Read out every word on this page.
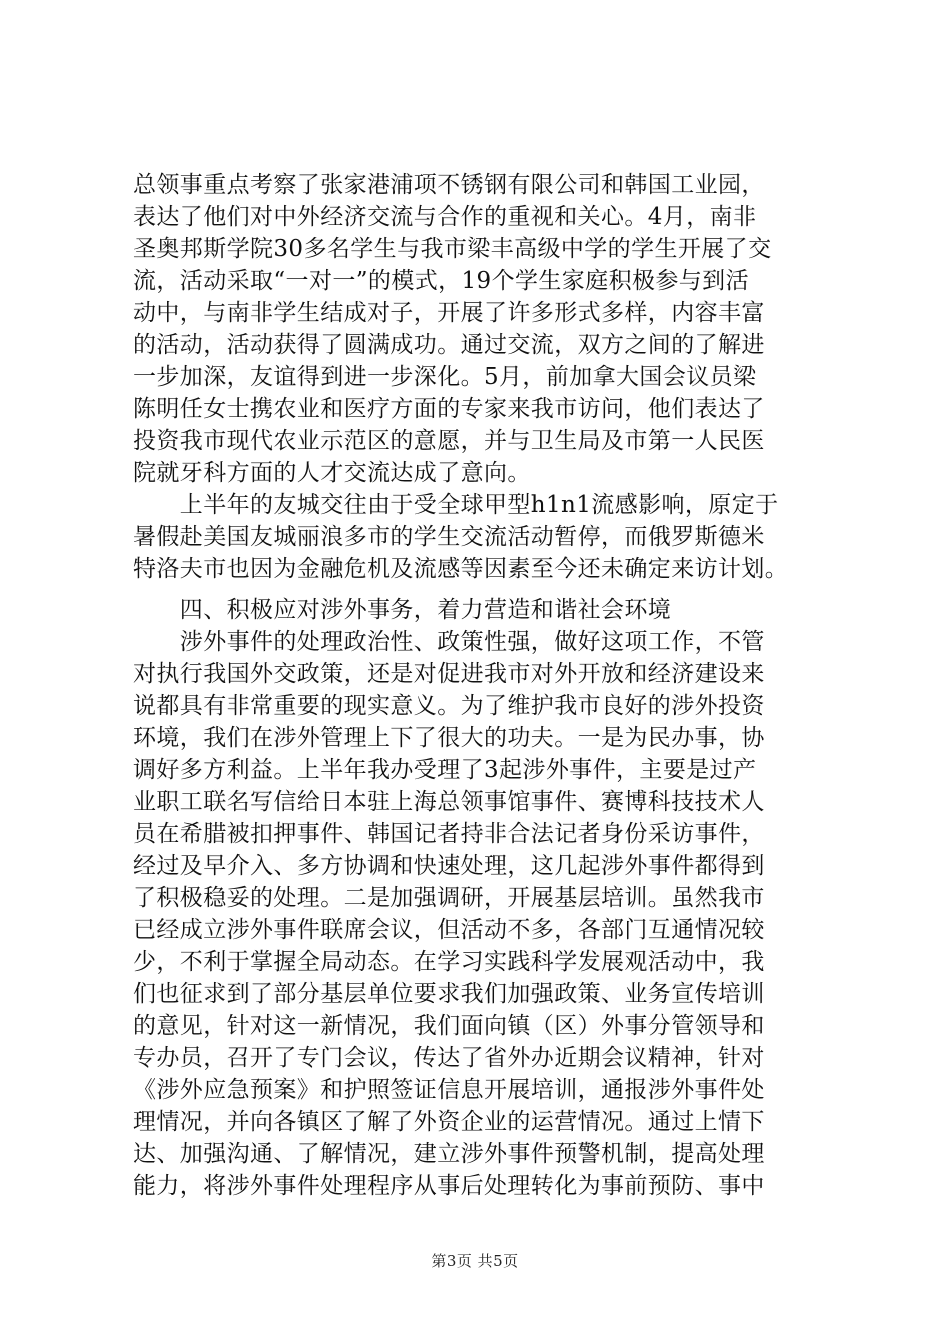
总领事重点考察了张家港浦项不锈钢有限公司和韩国工业园，
表达了他们对中外经济交流与合作的重视和关心。4月，南非
圣奥邦斯学院30多名学生与我市梁丰高级中学的学生开展了交
流，活动采取“一对一”的模式，19个学生家庭积极参与到活
动中，与南非学生结成对子，开展了许多形式多样，内容丰富
的活动，活动获得了圆满成功。通过交流，双方之间的了解进
一步加深，友谊得到进一步深化。5月，前加拿大国会议员梁
陈明任女士携农业和医疗方面的专家来我市访问，他们表达了
投资我市现代农业示范区的意愿，并与卫生局及市第一人民医
院就牙科方面的人才交流达成了意向。
　　上半年的友城交往由于受全球甲型h1n1流感影响，原定于
暑假赴美国友城丽浪多市的学生交流活动暂停，而俄罗斯德米
特洛夫市也因为金融危机及流感等因素至今还未确定来访计划。
　　四、积极应对涉外事务，着力营造和谐社会环境
　　涉外事件的处理政治性、政策性强，做好这项工作，不管
对执行我国外交政策，还是对促进我市对外开放和经济建设来
说都具有非常重要的现实意义。为了维护我市良好的涉外投资
环境，我们在涉外管理上下了很大的功夫。一是为民办事，协
调好多方利益。上半年我办受理了3起涉外事件，主要是过产
业职工联名写信给日本驻上海总领事馆事件、赛博科技技术人
员在希腊被扣押事件、韩国记者持非合法记者身份采访事件，
经过及早介入、多方协调和快速处理，这几起涉外事件都得到
了积极稳妥的处理。二是加强调研，开展基层培训。虽然我市
已经成立涉外事件联席会议，但活动不多，各部门互通情况较
少，不利于掌握全局动态。在学习实践科学发展观活动中，我
们也征求到了部分基层单位要求我们加强政策、业务宣传培训
的意见，针对这一新情况，我们面向镇（区）外事分管领导和
专办员，召开了专门会议，传达了省外办近期会议精神，针对
《涉外应急预案》和护照签证信息开展培训，通报涉外事件处
理情况，并向各镇区了解了外资企业的运营情况。通过上情下
达、加强沟通、了解情况，建立涉外事件预警机制，提高处理
能力，将涉外事件处理程序从事后处理转化为事前预防、事中
第3页 共5页
